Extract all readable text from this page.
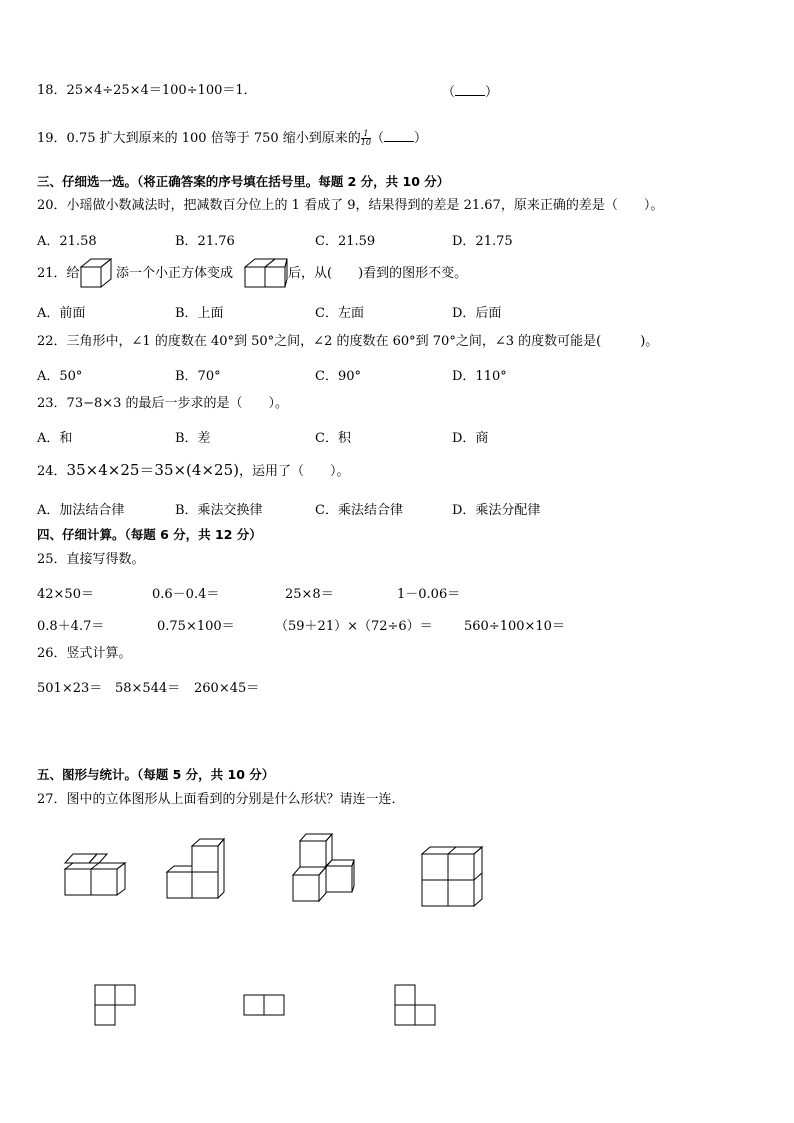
18．25×4÷25×4＝100÷100＝1．	（ ）
19．0.75 扩大到原来的 100 倍等于 750 缩小到原来的 $\frac{1}{10}$ （ ）
三、仔细选一选。（将正确答案的序号填在括号里。每题 2 分，共 10 分）
20．小瑶做小数减法时，把减数百分位上的 1 看成了 9，结果得到的差是 21.67，原来正确的差是（　　）。
A．21.58	B．21.76	C．21.59	D．21.75
21．给	添一个小正方体变成	后，从(　　)看到的图形不变。
A．前面	B．上面	C．左面	D．后面
22．三角形中，∠1 的度数在 40°到 50°之间，∠2 的度数在 60°到 70°之间，∠3 的度数可能是(　　　)。
A．50°	B．70°	C．90°	D．110°
23．73−8×3 的最后一步求的是（　　）。
A．和	B．差	C．积	D．商
24．35×4×25＝35×(4×25)，运用了（　　）。
A．加法结合律	B．乘法交换律	C．乘法结合律	D．乘法分配律
四、仔细计算。（每题 6 分，共 12 分）
25．直接写得数。
42×50＝	0.6－0.4＝	25×8＝	1－0.06＝
0.8＋4.7＝	0.75×100＝	（59＋21）×（72÷6）＝ 560÷100×10＝
26．竖式计算。
501×23＝ 58×544＝ 260×45＝
五、图形与统计。（每题 5 分，共 10 分）
27．图中的立体图形从上面看到的分别是什么形状？请连一连．
